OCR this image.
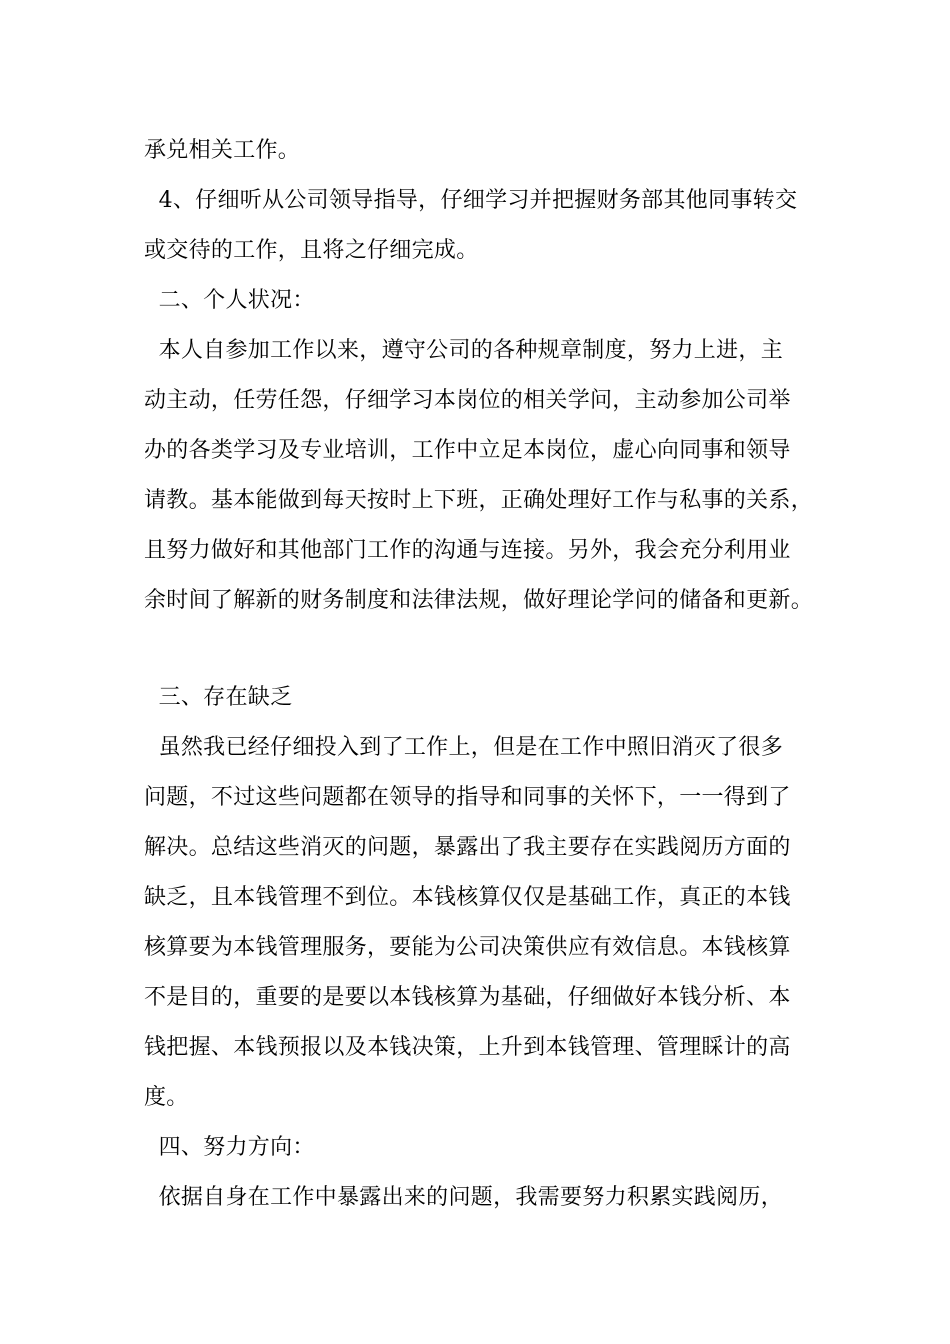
承兑相关工作。
4、仔细听从公司领导指导，仔细学习并把握财务部其他同事转交
或交待的工作，且将之仔细完成。
二、个人状况：
本人自参加工作以来，遵守公司的各种规章制度，努力上进，主
动主动，任劳任怨，仔细学习本岗位的相关学问，主动参加公司举
办的各类学习及专业培训，工作中立足本岗位，虚心向同事和领导
请教。基本能做到每天按时上下班，正确处理好工作与私事的关系，
且努力做好和其他部门工作的沟通与连接。另外，我会充分利用业
余时间了解新的财务制度和法律法规，做好理论学问的储备和更新。
三、存在缺乏
虽然我已经仔细投入到了工作上，但是在工作中照旧消灭了很多
问题，不过这些问题都在领导的指导和同事的关怀下，一一得到了
解决。总结这些消灭的问题，暴露出了我主要存在实践阅历方面的
缺乏，且本钱管理不到位。本钱核算仅仅是基础工作，真正的本钱
核算要为本钱管理服务，要能为公司决策供应有效信息。本钱核算
不是目的，重要的是要以本钱核算为基础，仔细做好本钱分析、本
钱把握、本钱预报以及本钱决策，上升到本钱管理、管理睬计的高
度。
四、努力方向：
依据自身在工作中暴露出来的问题，我需要努力积累实践阅历，
